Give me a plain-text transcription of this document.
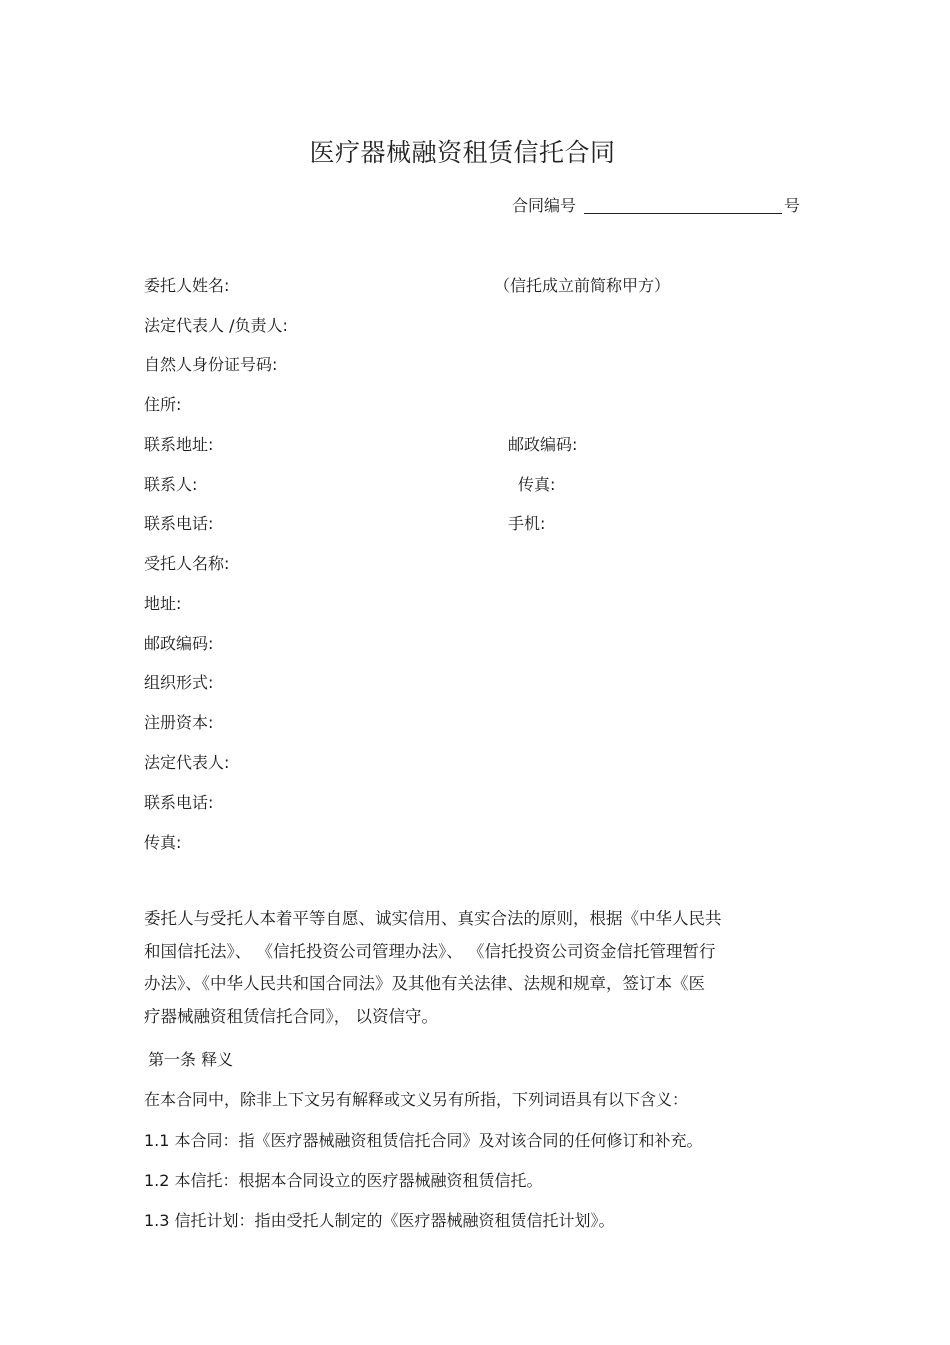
医疗器械融资租赁信托合同
合同编号	号
委托人姓名:	（信托成立前简称甲方）
法定代表人 /负责人:
自然人身份证号码:
住所:
联系地址:	邮政编码:
联系人:	传真:
联系电话:	手机:
受托人名称:
地址:
邮政编码:
组织形式:
注册资本:
法定代表人:
联系电话:
传真:
委托人与受托人本着平等自愿、诚实信用、真实合法的原则，根据《中华人民共
和国信托法》、 《信托投资公司管理办法》、 《信托投资公司资金信托管理暂行
办法》、《中华人民共和国合同法》及其他有关法律、法规和规章，签订本《医
疗器械融资租赁信托合同》， 以资信守。
第一条 释义
在本合同中，除非上下文另有解释或文义另有所指，下列词语具有以下含义：
1.1 本合同：指《医疗器械融资租赁信托合同》及对该合同的任何修订和补充。
1.2 本信托：根据本合同设立的医疗器械融资租赁信托。
1.3 信托计划：指由受托人制定的《医疗器械融资租赁信托计划》。
